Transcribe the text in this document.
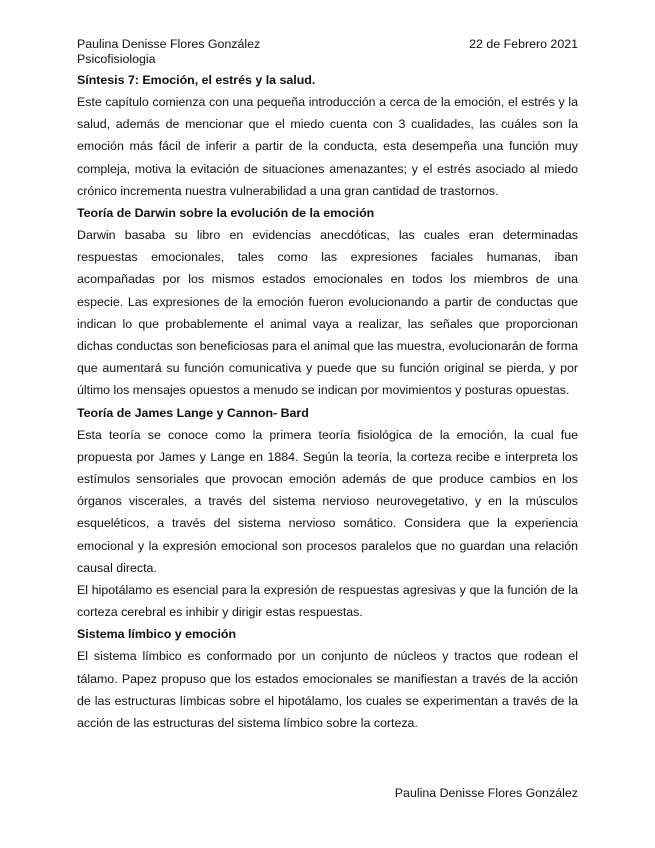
Paulina Denisse Flores González
Psicofisiologia
22 de Febrero 2021
Síntesis 7: Emoción, el estrés y la salud.

Este capítulo comienza con una pequeña introducción a cerca de la emoción, el estrés y la salud, además de mencionar que el miedo cuenta con 3 cualidades, las cuáles son la emoción más fácil de inferir a partir de la conducta, esta desempeña una función muy compleja, motiva la evitación de situaciones amenazantes; y el estrés asociado al miedo crónico incrementa nuestra vulnerabilidad a una gran cantidad de trastornos.

Teoría de Darwin sobre la evolución de la emoción

Darwin basaba su libro en evidencias anecdóticas, las cuales eran determinadas respuestas emocionales, tales como las expresiones faciales humanas, iban acompañadas por los mismos estados emocionales en todos los miembros de una especie. Las expresiones de la emoción fueron evolucionando a partir de conductas que indican lo que probablemente el animal vaya a realizar, las señales que proporcionan dichas conductas son beneficiosas para el animal que las muestra, evolucionarán de forma que aumentará su función comunicativa y puede que su función original se pierda, y por último los mensajes opuestos a menudo se indican por movimientos y posturas opuestas.

Teoría de James Lange y Cannon- Bard

Esta teoría se conoce como la primera teoría fisiológica de la emoción, la cual fue propuesta por James y Lange en 1884. Según la teoría, la corteza recibe e interpreta los estímulos sensoriales que provocan emoción además de que produce cambios en los órganos viscerales, a través del sistema nervioso neurovegetativo, y en la músculos esqueléticos, a través del sistema nervioso somático. Considera que la experiencia emocional y la expresión emocional son procesos paralelos que no guardan una relación causal directa.

El hipotálamo es esencial para la expresión de respuestas agresivas y que la función de la corteza cerebral es inhibir y dirigir estas respuestas.

Sistema límbico y emoción

El sistema límbico es conformado por un conjunto de núcleos y tractos que rodean el tálamo. Papez propuso que los estados emocionales se manifiestan a través de la acción de las estructuras límbicas sobre el hipotálamo, los cuales se experimentan a través de la acción de las estructuras del sistema límbico sobre la corteza.

Paulina Denisse Flores González
